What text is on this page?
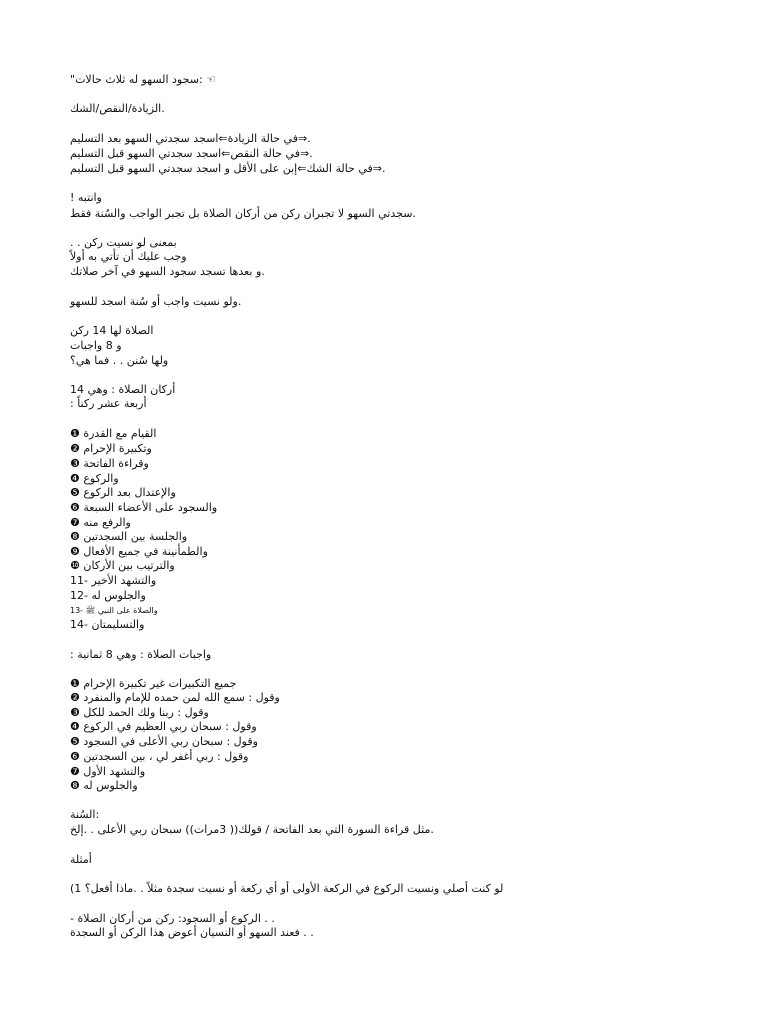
"سجود السهو له ثلاث حالات: ☜
الزيادة/النقص/الشك.
في حالة الزيادة⇐اسجد سجدتي السهو بعد التسليم⇒.
في حالة النقص⇐اسجد سجدتي السهو قبل التسليم⇒.
في حالة الشك⇐إبن على الأقل و اسجد سجدتي السهو قبل التسليم⇒.
! وانتبه
سجدتي السهو لا تجبران ركن من أركان الصلاة بل تجبر الواجب والسُنة فقط.
. . بمعنى لو نسيت ركن
وجب عليك أن تأتي به أولاً
و بعدها تسجد سجود السهو في آخر صلاتك.
ولو نسيت واجب أو سُنة اسجد للسهو.
الصلاة لها 14 ركن
و 8 واجبات
ولها سُنن . . فما هي؟
أركان الصلاة : وهي 14
: أربعة عشر ركناً
❶ القيام مع القدرة
❷ وتكبيرة الإحرام
❸ وقراءة الفاتحة
❹ والركوع
❺ والإعتدال بعد الركوع
❻ والسجود على الأعضاء السبعة
❼ والرفع منه
❽ والجلسة بين السجدتين
❾ والطمأنينة في جميع الأفعال
❿ والترتيب بين الأركان
11- والتشهد الأخير
12- والجلوس له
13- والصلاة على النبي ﷺ
14- والتسليمتان
: واجبات الصلاة : وهي 8 ثمانية
❶ جميع التكبيرات غير تكبيرة الإحرام
❷ وقول : سمع الله لمن حمده للإمام والمنفرد
❸ وقول : ربنا ولك الحمد للكل
❹ وقول : سبحان ربي العظيم في الركوع
❺ وقول : سبحان ربي الأعلى في السجود
❻ وقول : ربي أغفر لي ، بين السجدتين
❼ والتشهد الأول
❽ والجلوس له
السُنة:
مثل قراءة السورة التي بعد الفاتحة / قولك(( 3مرات)) سبحان ربي الأعلى . .إلخ.
أمثلة
(1 لو كنت أصلي ونسيت الركوع في الركعة الأولى أو أي ركعة أو نسيت سجدة مثلاً . .ماذا أفعل؟
- الركوع أو السجود: ركن من أركان الصلاة . .
فعند السهو أو النسيان أعوض هذا الركن أو السجدة . .
